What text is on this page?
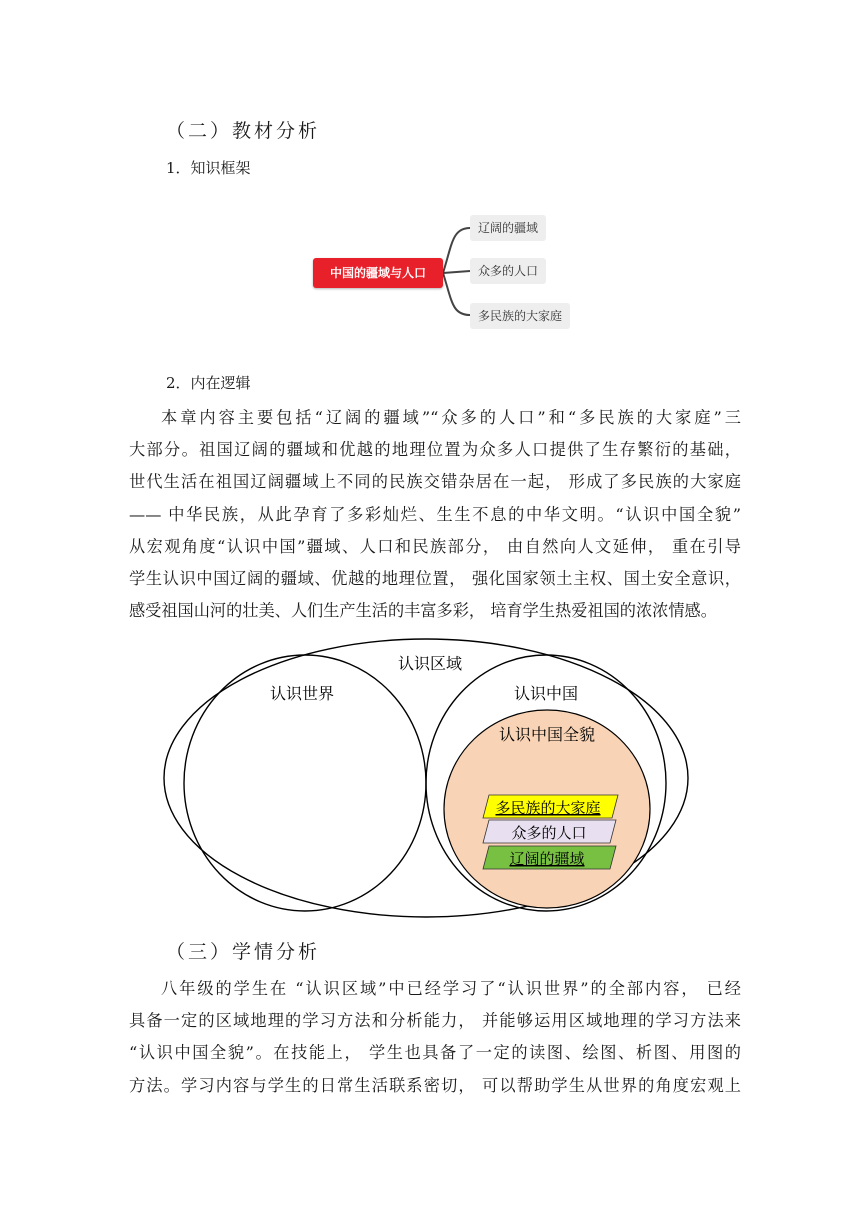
（二）教材分析
1．知识框架
中国的疆域与人口
辽阔的疆域
众多的人口
多民族的大家庭
2．内在逻辑
本章内容主要包括“辽阔的疆域”“众多的人口”和“多民族的大家庭”三
大部分。祖国辽阔的疆域和优越的地理位置为众多人口提供了生存繁衍的基础，
世代生活在祖国辽阔疆域上不同的民族交错杂居在一起， 形成了多民族的大家庭
—— 中华民族，从此孕育了多彩灿烂、生生不息的中华文明。“认识中国全貌”
从宏观角度“认识中国”疆域、人口和民族部分， 由自然向人文延伸， 重在引导
学生认识中国辽阔的疆域、优越的地理位置， 强化国家领土主权、国土安全意识，
感受祖国山河的壮美、人们生产生活的丰富多彩， 培育学生热爱祖国的浓浓情感。
认识区域
认识世界	认识中国
认识中国全貌
多民族的大家庭
众多的人口
辽阔的疆域
（三）学情分析
八年级的学生在 “认识区域”中已经学习了“认识世界”的全部内容， 已经
具备一定的区域地理的学习方法和分析能力， 并能够运用区域地理的学习方法来
“认识中国全貌”。在技能上， 学生也具备了一定的读图、绘图、析图、用图的
方法。学习内容与学生的日常生活联系密切， 可以帮助学生从世界的角度宏观上
